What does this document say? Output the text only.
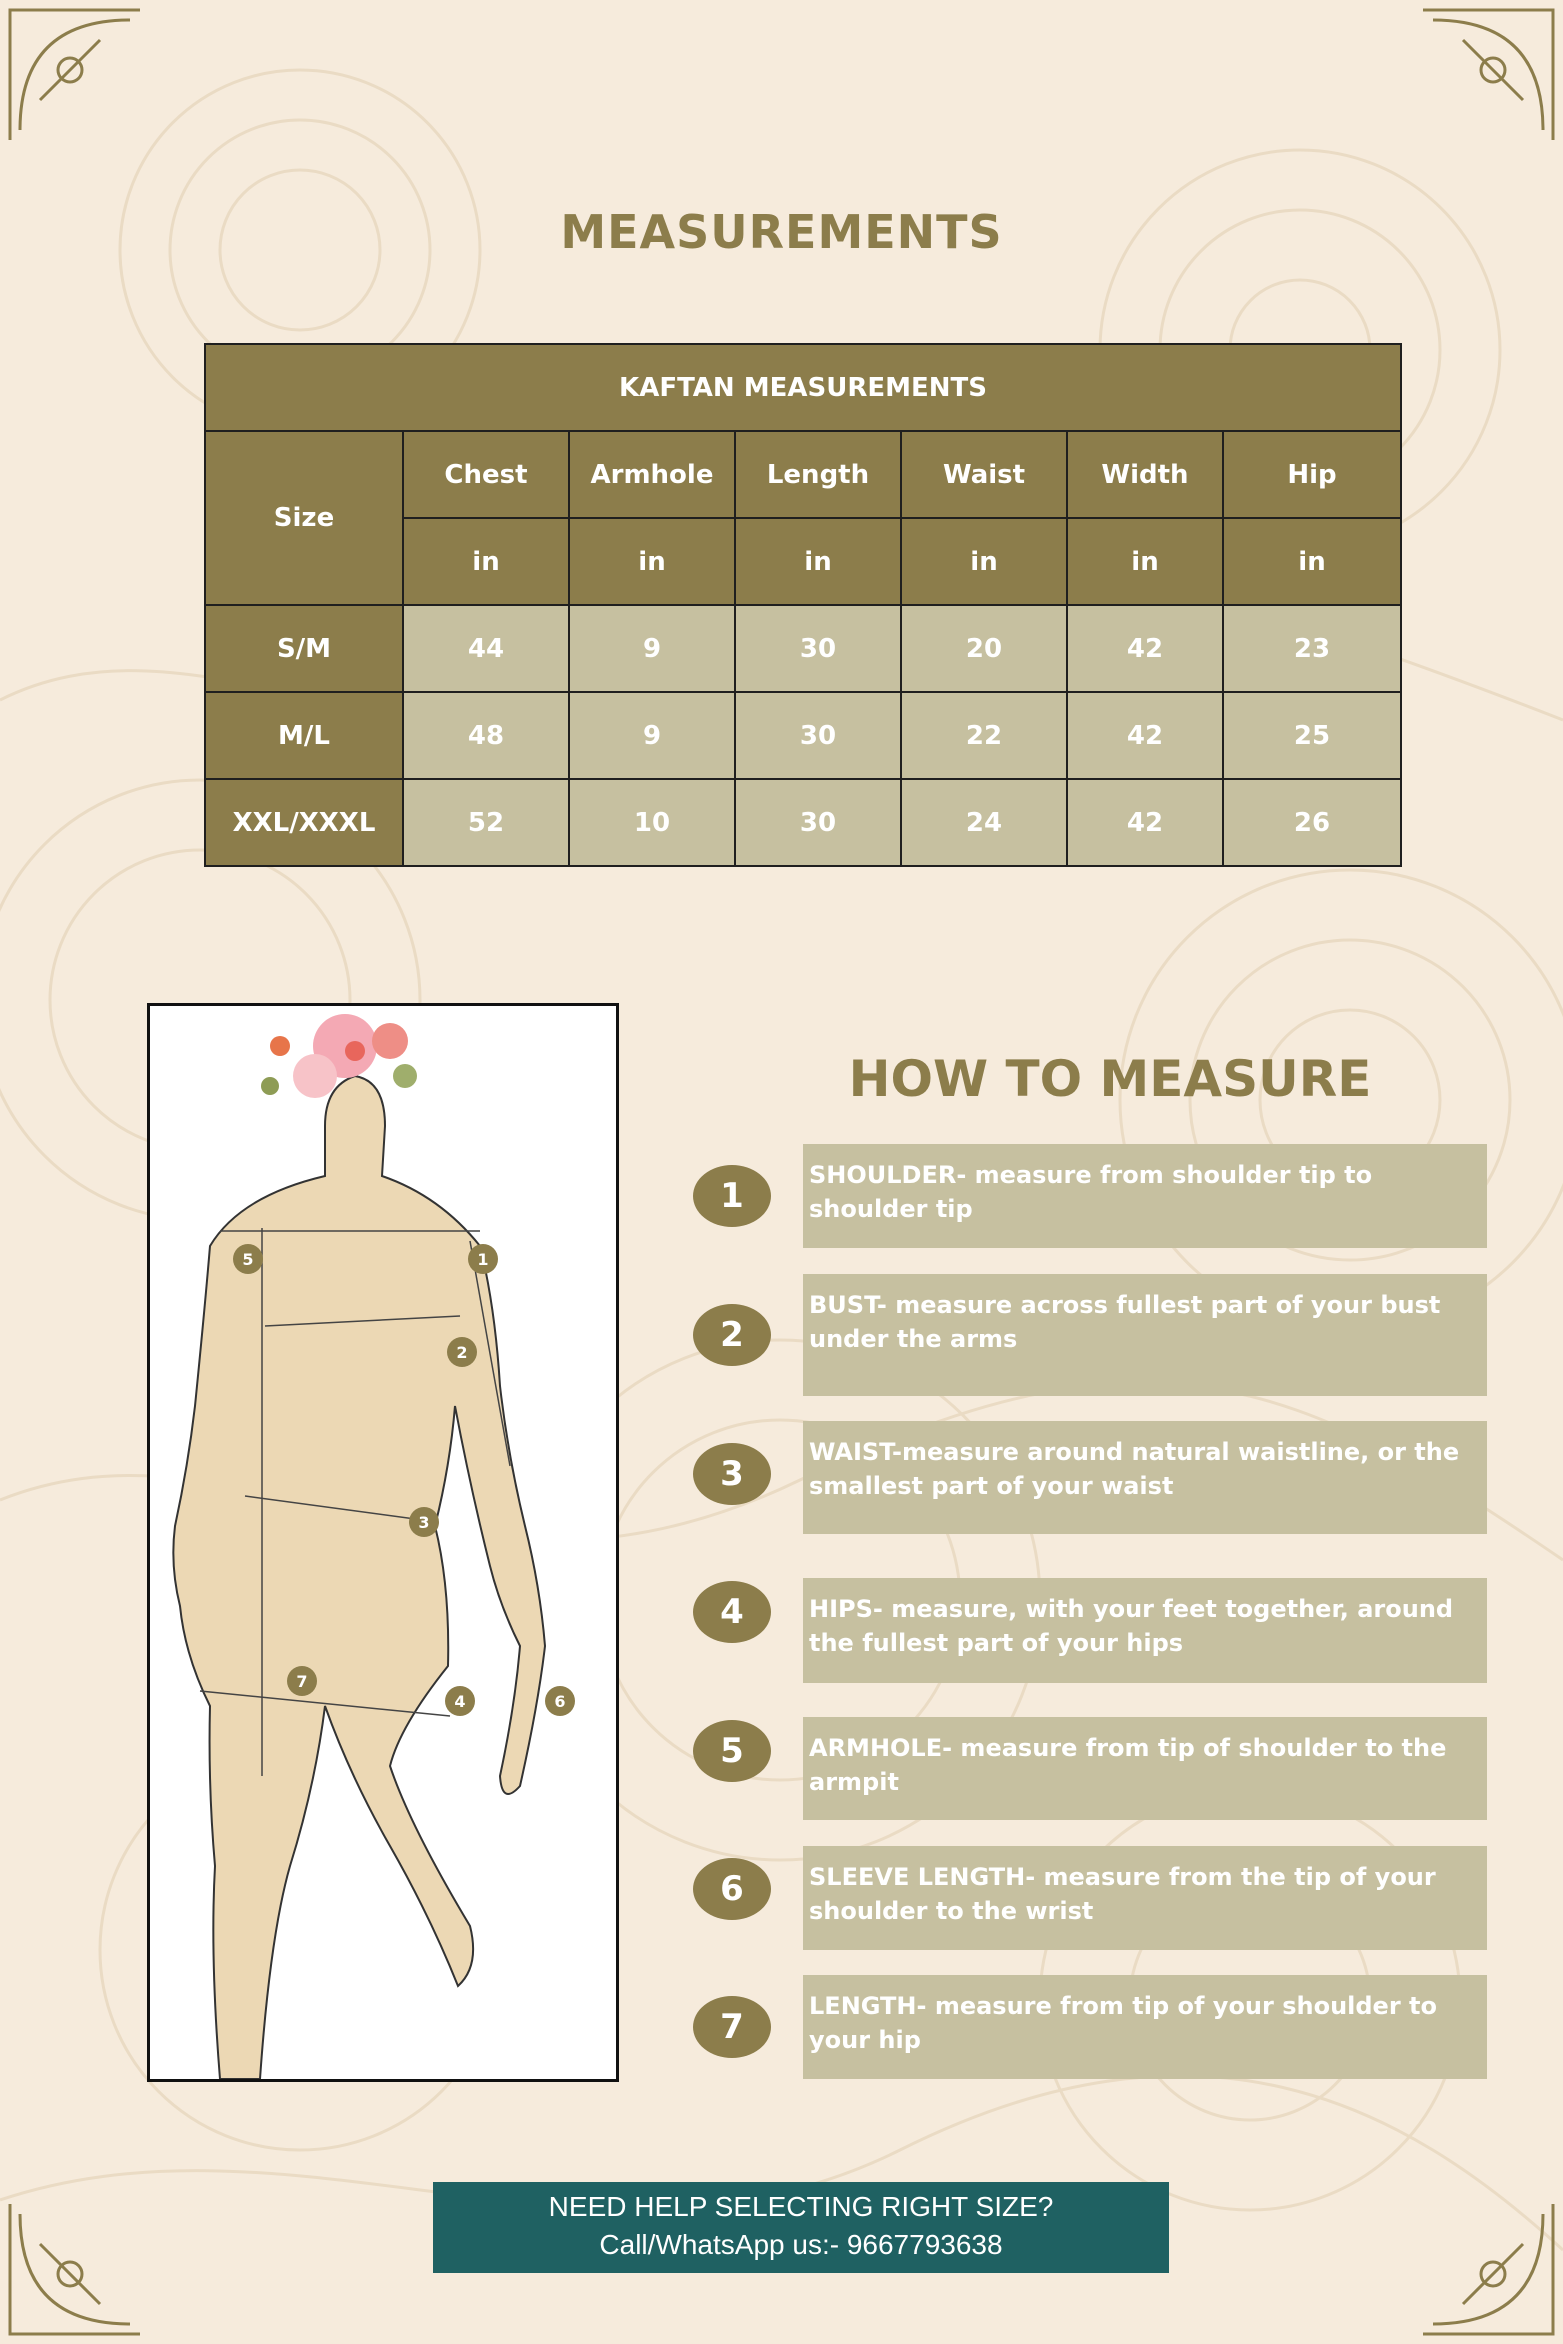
MEASUREMENTS
KAFTAN MEASUREMENTS						
Size	Chest	Armhole	Length	Waist	Width	Hip
	in	in	in	in	in	in
S/M	44	9	30	20	42	23
M/L	48	9	30	22	42	25
XXL/XXXL	52	10	30	24	42	26
5	1
2
3
7
4	6
HOW TO MEASURE
1
SHOULDER- measure from shoulder tip to shoulder tip
2
BUST- measure across fullest part of your bust under the arms
3
WAIST-measure around natural waistline, or the smallest part of your waist
4	HIPS- measure, with your feet together, around the fullest part of your hips
5	ARMHOLE- measure from tip of shoulder to the armpit
6	SLEEVE LENGTH- measure from the tip of your shoulder to the wrist
7
LENGTH- measure from tip of your shoulder to your hip
NEED HELP SELECTING RIGHT SIZE?
Call/WhatsApp us:- 9667793638
